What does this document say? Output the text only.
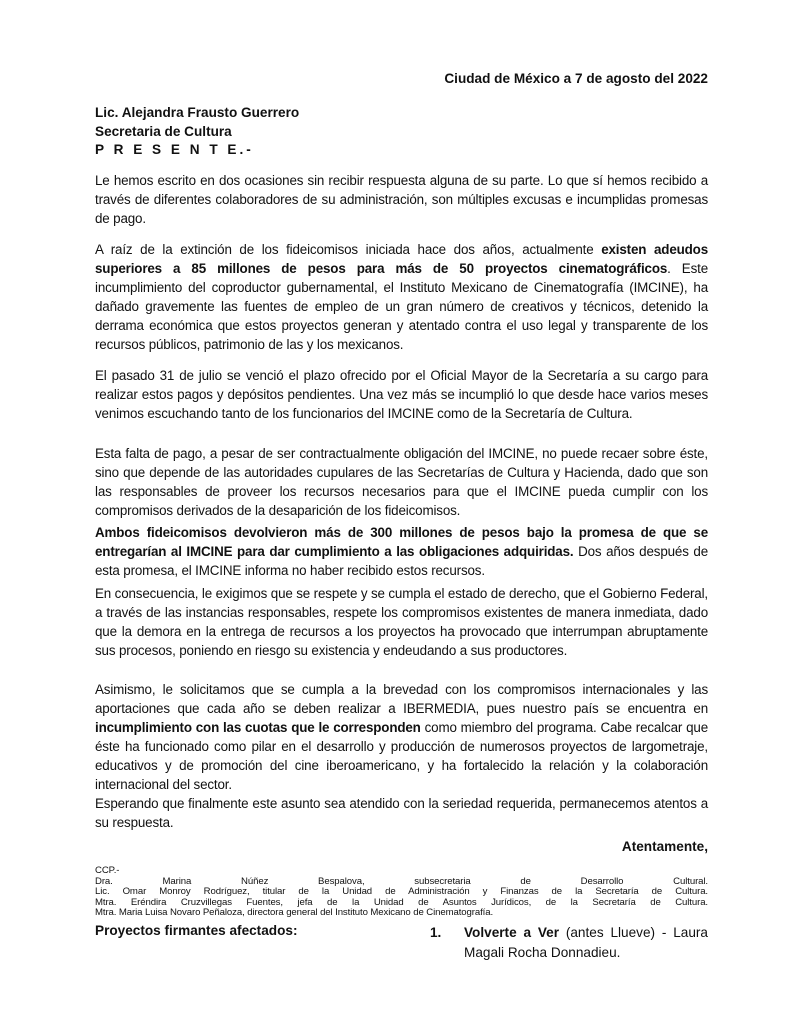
Ciudad de México a 7 de agosto del 2022
Lic. Alejandra Frausto Guerrero
Secretaria de Cultura
P R E S E N T E.-
Le hemos escrito en dos ocasiones sin recibir respuesta alguna de su parte. Lo que sí hemos recibido a través de diferentes colaboradores de su administración, son múltiples excusas e incumplidas promesas de pago.
A raíz de la extinción de los fideicomisos iniciada hace dos años, actualmente existen adeudos superiores a 85 millones de pesos para más de 50 proyectos cinematográficos. Este incumplimiento del coproductor gubernamental, el Instituto Mexicano de Cinematografía (IMCINE), ha dañado gravemente las fuentes de empleo de un gran número de creativos y técnicos, detenido la derrama económica que estos proyectos generan y atentado contra el uso legal y transparente de los recursos públicos, patrimonio de las y los mexicanos.
El pasado 31 de julio se venció el plazo ofrecido por el Oficial Mayor de la Secretaría a su cargo para realizar estos pagos y depósitos pendientes. Una vez más se incumplió lo que desde hace varios meses venimos escuchando tanto de los funcionarios del IMCINE como de la Secretaría de Cultura.
Esta falta de pago, a pesar de ser contractualmente obligación del IMCINE, no puede recaer sobre éste, sino que depende de las autoridades cupulares de las Secretarías de Cultura y Hacienda, dado que son las responsables de proveer los recursos necesarios para que el IMCINE pueda cumplir con los compromisos derivados de la desaparición de los fideicomisos.
Ambos fideicomisos devolvieron más de 300 millones de pesos bajo la promesa de que se entregarían al IMCINE para dar cumplimiento a las obligaciones adquiridas. Dos años después de esta promesa, el IMCINE informa no haber recibido estos recursos.
En consecuencia, le exigimos que se respete y se cumpla el estado de derecho, que el Gobierno Federal, a través de las instancias responsables, respete los compromisos existentes de manera inmediata, dado que la demora en la entrega de recursos a los proyectos ha provocado que interrumpan abruptamente sus procesos, poniendo en riesgo su existencia y endeudando a sus productores.
Asimismo, le solicitamos que se cumpla a la brevedad con los compromisos internacionales y las aportaciones que cada año se deben realizar a IBERMEDIA, pues nuestro país se encuentra en incumplimiento con las cuotas que le corresponden como miembro del programa. Cabe recalcar que éste ha funcionado como pilar en el desarrollo y producción de numerosos proyectos de largometraje, educativos y de promoción del cine iberoamericano, y ha fortalecido la relación y la colaboración internacional del sector.
Esperando que finalmente este asunto sea atendido con la seriedad requerida, permanecemos atentos a su respuesta.
Atentamente,
CCP.-
Dra. Marina Núñez Bespalova, subsecretaria de Desarrollo Cultural.
Lic. Omar Monroy Rodríguez, titular de la Unidad de Administración y Finanzas de la Secretaría de Cultura.
Mtra. Eréndira Cruzvillegas Fuentes, jefa de la Unidad de Asuntos Jurídicos, de la Secretaría de Cultura.
Mtra. Maria Luisa Novaro Peñaloza, directora general del Instituto Mexicano de Cinematografía.
Proyectos firmantes afectados:	1. Volverte a Ver (antes Llueve) - Laura Magali Rocha Donnadieu.
